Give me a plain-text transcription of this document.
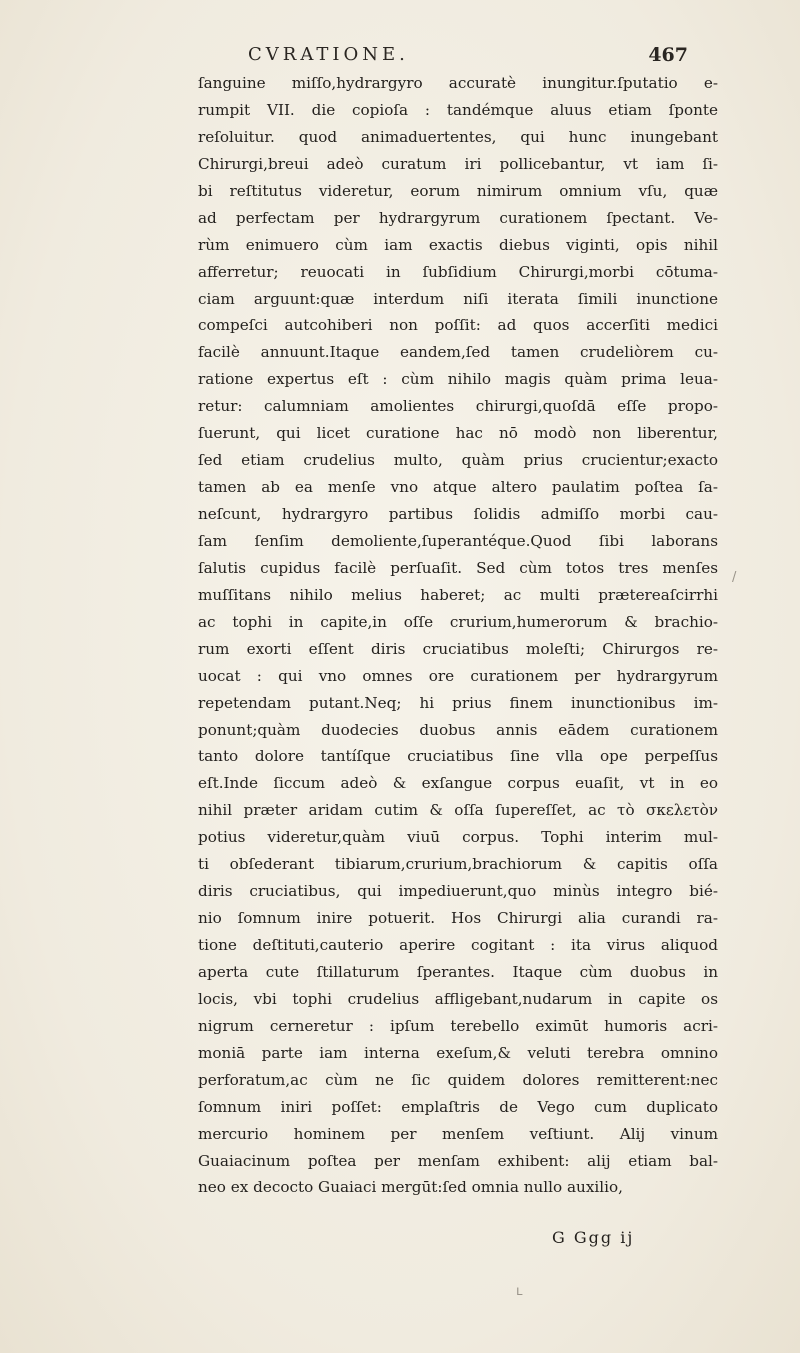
CVRATIONE.	467
ſanguine miſſo,hydrargyro accuratè inungitur.ſputatio e-
rumpit VII. die copioſa : tandémque aluus etiam ſponte
reſoluitur. quod animaduertentes, qui hunc inungebant
Chirurgi,breui adeò curatum iri pollicebantur, vt iam ſi-
bi reſtitutus videretur, eorum nimirum omnium vſu, quæ
ad perfectam per hydrargyrum curationem ſpectant. Ve-
rùm enimuero cùm iam exactis diebus viginti, opis nihil
afferretur; reuocati in ſubſidium Chirurgi,morbi cōtuma-
ciam arguunt:quæ interdum niſi iterata ſimili inunctione
compeſci autcohiberi non poſſit: ad quos accerſiti medici
facilè annuunt.Itaque eandem,ſed tamen crudeliòrem cu-
ratione expertus eſt : cùm nihilo magis quàm prima leua-
retur: calumniam amolientes chirurgi,quoſdā eſſe propo-
ſuerunt, qui licet curatione hac nō modò non liberentur,
ſed etiam crudelius multo, quàm prius crucientur;exacto
tamen ab ea menſe vno atque altero paulatim poſtea ſa-
neſcunt, hydrargyro partibus ſolidis admiſſo morbi cau-
ſam ſenſim demoliente,ſuperantéque.Quod ſibi laborans
ſalutis cupidus facilè perſuaſit. Sed cùm totos tres menſes
muſſitans nihilo melius haberet; ac multi prætereaſcirrhi
ac tophi in capite,in oſſe crurium,humerorum & brachio-
rum exorti eſſent diris cruciatibus moleſti; Chirurgos re-
uocat : qui vno omnes ore curationem per hydrargyrum
repetendam putant.Neq; hi prius finem inunctionibus im-
ponunt;quàm duodecies duobus annis eādem curationem
tanto dolore tantíſque cruciatibus ſine vlla ope perpeſſus
eſt.Inde ſiccum adeò & exſangue corpus euaſit, vt in eo
nihil præter aridam cutim & oſſa ſupereſſet, ac τὸ σκελετὸν
potius videretur,quàm viuū corpus. Tophi interim mul-
ti obſederant tibiarum,crurium,brachiorum & capitis oſſa
diris cruciatibus, qui impediuerunt,quo minùs integro bié-
nio ſomnum inire potuerit. Hos Chirurgi alia curandi ra-
tione deſtituti,cauterio aperire cogitant : ita virus aliquod
aperta cute ſtillaturum ſperantes. Itaque cùm duobus in
locis, vbi tophi crudelius affligebant,nudarum in capite os
nigrum cerneretur : ipſum terebello eximūt humoris acri-
moniā parte iam interna exeſum,& veluti terebra omnino
perforatum,ac cùm ne ſic quidem dolores remitterent:nec
ſomnum iniri poſſet: emplaſtris de Vego cum duplicato
mercurio hominem per menſem veſtiunt. Alij vinum
Guaiacinum poſtea per menſam exhibent: alij etiam bal-
neo ex decocto Guaiaci mergūt:ſed omnia nullo auxilio,
G Ggg ij
/
ʟ
